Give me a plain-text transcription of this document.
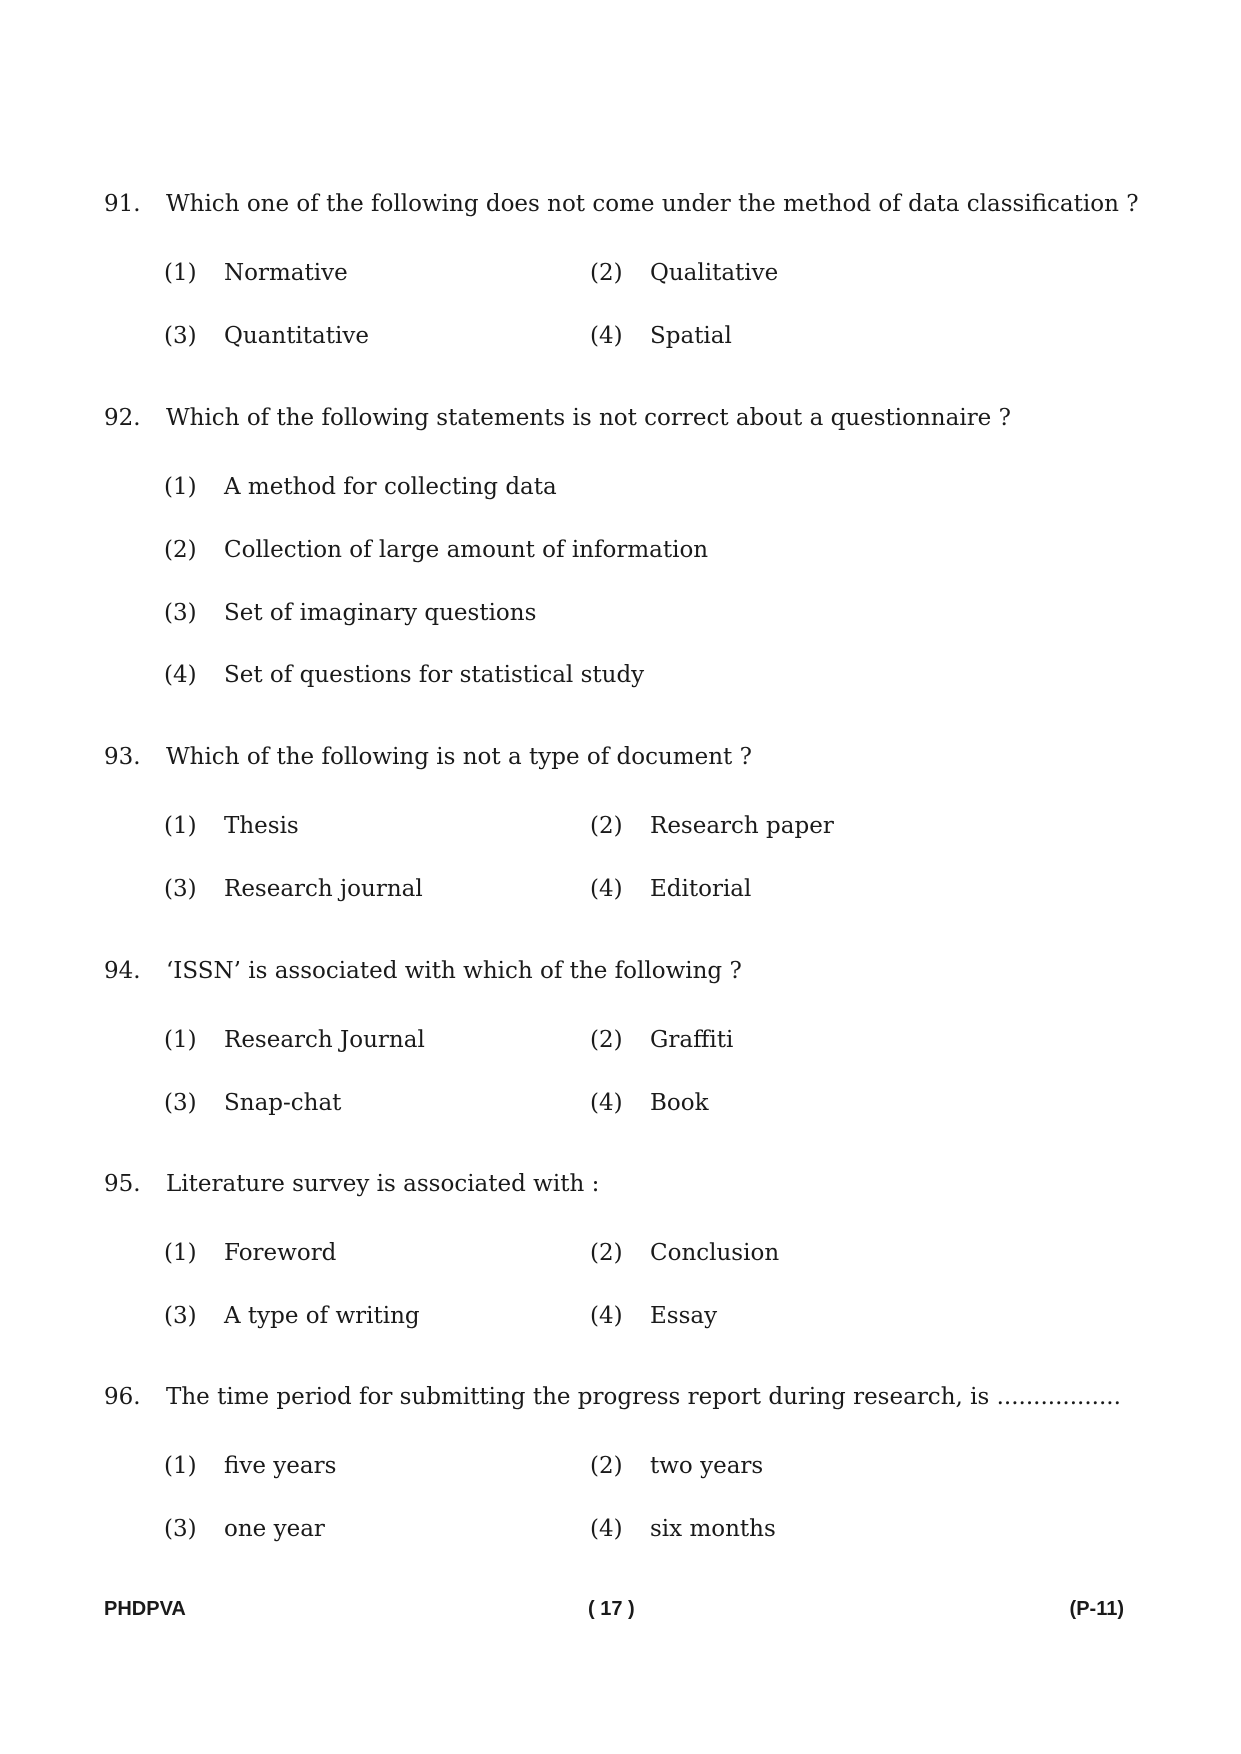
91. Which one of the following does not come under the method of data classification ?
(1) Normative	(2) Qualitative
(3) Quantitative	(4) Spatial
92. Which of the following statements is not correct about a questionnaire ?
(1) A method for collecting data
(2) Collection of large amount of information
(3) Set of imaginary questions
(4) Set of questions for statistical study
93. Which of the following is not a type of document ?
(1) Thesis	(2) Research paper
(3) Research journal	(4) Editorial
94. ‘ISSN’ is associated with which of the following ?
(1) Research Journal	(2) Graffiti
(3) Snap-chat	(4) Book
95. Literature survey is associated with :
(1) Foreword	(2) Conclusion
(3) A type of writing	(4) Essay
96. The time period for submitting the progress report during research, is .................
(1) five years	(2) two years
(3) one year	(4) six months
PHDPVA	( 17 )	(P-11)
